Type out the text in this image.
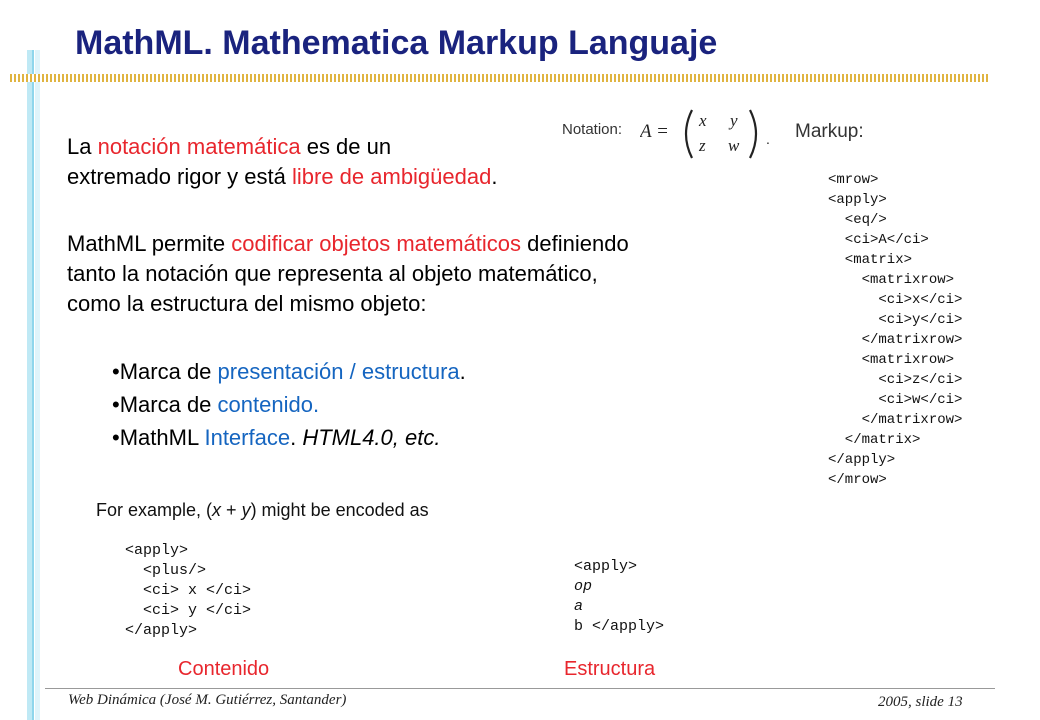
MathML. Mathematica Markup Languaje
La notación matemática es de un
extremado rigor y está libre de ambigüedad.
MathML permite codificar objetos matemáticos definiendo
tanto la notación que representa al objeto matemático,
como la estructura del mismo objeto:
•Marca de presentación / estructura.
•Marca de contenido.
•MathML Interface. HTML4.0, etc.
Notation: A =
x y
z w . Markup:
<mrow>
<apply>
<eq/>
<ci>A</ci>
<matrix>
<matrixrow>
<ci>x</ci>
<ci>y</ci>
</matrixrow>
<matrixrow>
<ci>z</ci>
<ci>w</ci>
</matrixrow>
</matrix>
</apply>
</mrow>
For example, (x + y) might be encoded as
<apply>
<plus/>
<ci> x </ci>
<ci> y </ci>
</apply>
<apply>
op
a
b </apply>
Contenido	Estructura
Web Dinámica (José M. Gutiérrez, Santander)	2005, slide 13
